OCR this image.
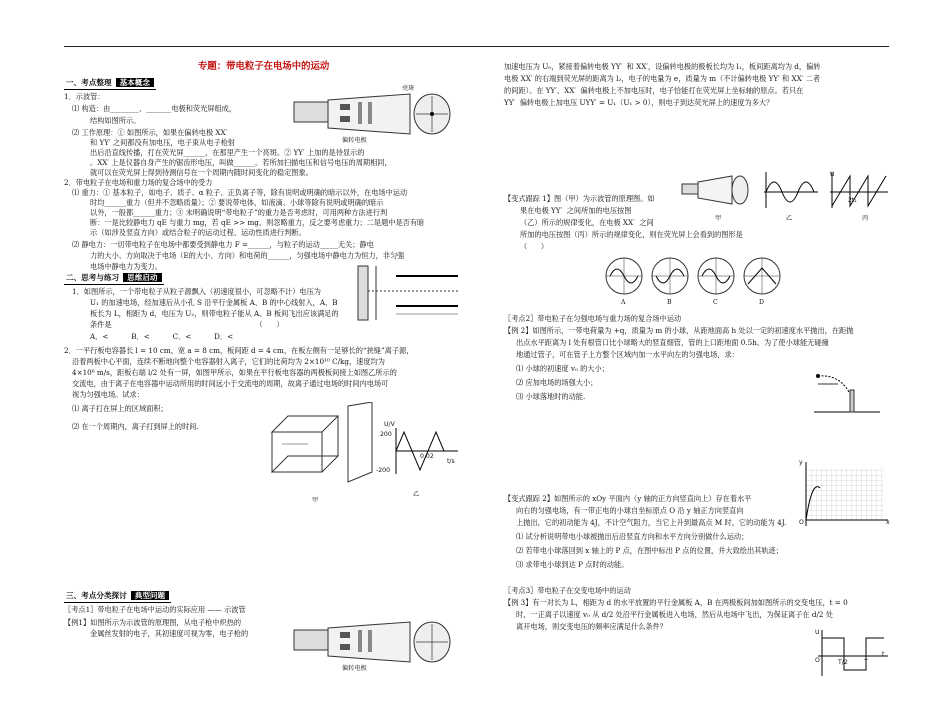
专题：带电粒子在电场中的运动
一、考点整理 基本概念
1．示波管：
⑴ 构造：由________、_______电极和荧光屏组成，
结构如图所示。
⑵ 工作原理：① 如图所示，如果在偏转电极 XX′
和 YY′ 之间都没有加电压，电子束从电子枪射
出后沿直线传播，打在荧光屏______，在那里产生一个亮斑。② YY′ 上加的是待显示的
。XX′ 上是仪器自身产生的锯齿形电压，叫做______。若所加扫描电压和信号电压的周期相同，
就可以在荧光屏上得到待测信号在一个周期内随时间变化的稳定图象。
2．带电粒子在电场和重力场的复合场中的受力
⑴ 重力：① 基本粒子，如电子、质子、α 粒子、正负离子等，除有说明或明确的暗示以外，在电场中运动
时均______重力（但并不忽略质量）；② 要说带电体，如液滴、小球等除有说明或明确的暗示
以外，一般都______重力；③ 未明确说明“带电粒子”的重力是否考虑时，可用两种方法进行判
断：一是比较静电力 qE 与重力 mg，若 qE >> mg，则忽略重力，反之要考虑重力；二是题中是否有暗
示（如涉及竖直方向）或结合粒子的运动过程、运动性质进行判断。
⑵ 静电力：一切带电粒子在电场中都要受到静电力 F =______，与粒子的运动_____无关；静电
力的大小、方向取决于电场（E的大小、方向）和电荷的______，匀强电场中静电力为恒力，非匀强
电场中静电力为变力。
偏转电极
亮斑
二、思考与练习 思维启动
1．如图所示，一个带电粒子从粒子源飘入（初速度很小，可忽略不计）电压为
U₁ 的加速电场，经加速后从小孔 S 沿平行金属板 A、B 的中心线射入，A、B
板长为 L，相距为 d，电压为 U₂，则带电粒子能从 A、B 板间飞出应该满足的
条件是                                                               （      ）
A．<          B．<          C．<          D．<
2．一平行板电容器长 l = 10 cm，宽 a = 8 cm，板间距 d = 4 cm，在板左侧有一足够长的“狭缝”离子源，
沿着两板中心平面，连续不断地向整个电容器射入离子，它们的比荷均为 2×10¹⁰ C/kg，速度均为
4×10⁶ m/s，距板右端 l/2 处有一屏，如图甲所示，如果在平行板电容器的两极板间接上如图乙所示的
交流电，由于离子在电容器中运动所用的时间远小于交流电的周期，故离子通过电场的时间内电场可
视为匀强电场。试求：
⑴ 离子打在屏上的区域面积；
⑵ 在一个周期内，离子打到屏上的时间.
甲
U/V
200
-200
0.02
t/s
乙
三、考点分类探讨 典型问题
〖考点1〗带电粒子在电场中运动的实际应用 —— 示波管
【例1】如图所示为示波管的原理图，从电子枪中炽热的
金属丝发射的电子，其初速度可视为零，电子枪的
偏转电极
加速电压为 U₀，紧接着偏转电极 YY′  和 XX′，设偏转电极的极板长均为 l₁，板间距离均为 d，偏转
电极 XX′ 的右端到荧光屏的距离为 l₂，电子的电量为 e，质量为 m（不计偏转电极 YY′ 和 XX′ 二者
的间距）。在 YY′、XX′  偏转电极上不加电压时，电子恰能打在荧光屏上坐标轴的原点。若只在
YY′  偏转电极上加电压 UYY′ = U₁（U₁ > 0），则电子到达荧光屏上的速度为多大？
【变式跟踪 1】图（甲）为示波管的原理图。如
果在电极 YY′  之间所加的电压按图
（乙）所示的规律变化，在电极 XX′  之间
所加的电压按图（丙）所示的规律变化，则在荧光屏上会看到的图形是
（      ）
U
2t₁
甲	乙	丙
A	B	C	D
〖考点2〗带电粒子在匀强电场与重力场的复合场中运动
【例 2】如图所示，一带电荷量为 +q，质量为 m 的小球，从距地面高 h 处以一定的初速度水平抛出，在距抛
出点水平距离为 l 处有根管口比小球略大的竖直细管，管的上口距地面 0.5h。为了使小球能无碰撞
地通过管子，可在管子上方整个区域内加一水平向左的匀强电场，求：
⑴ 小球的初速度 v₀ 的大小；
⑵ 应加电场的场强大小；
⑶ 小球落地时的动能.
【变式跟踪 2】如图所示的 xOy 平面内（y 轴的正方向竖直向上）存在着水平
向右的匀强电场，有一带正电的小球自坐标原点 O 沿 y 轴正方向竖直向
上抛出，它的初动能为 4J，不计空气阻力，当它上升到最高点 M 时，它的动能为 4J.
⑴ 试分析说明带电小球被抛出后沿竖直方向和水平方向分别做什么运动；
⑵ 若带电小球落回到 x 轴上的 P 点，在图中标出 P 点的位置，并大致绘出其轨迹；
⑶ 求带电小球到达 P 点时的动能。
y
x
O
〖考点3〗带电粒子在交变电场中的运动
【例 3】有一对长为 L，相距为 d 的水平放置的平行金属板 A，B 在两极板间加如图所示的交变电压，t = 0
时，一正离子以速度 v₀ 从 d/2 处沿平行金属板进入电场，然后从电场中飞出，为保证离子在 d/2 处
离开电场，则交变电压的频率应满足什么条件？
U
O	T/2	T
t
